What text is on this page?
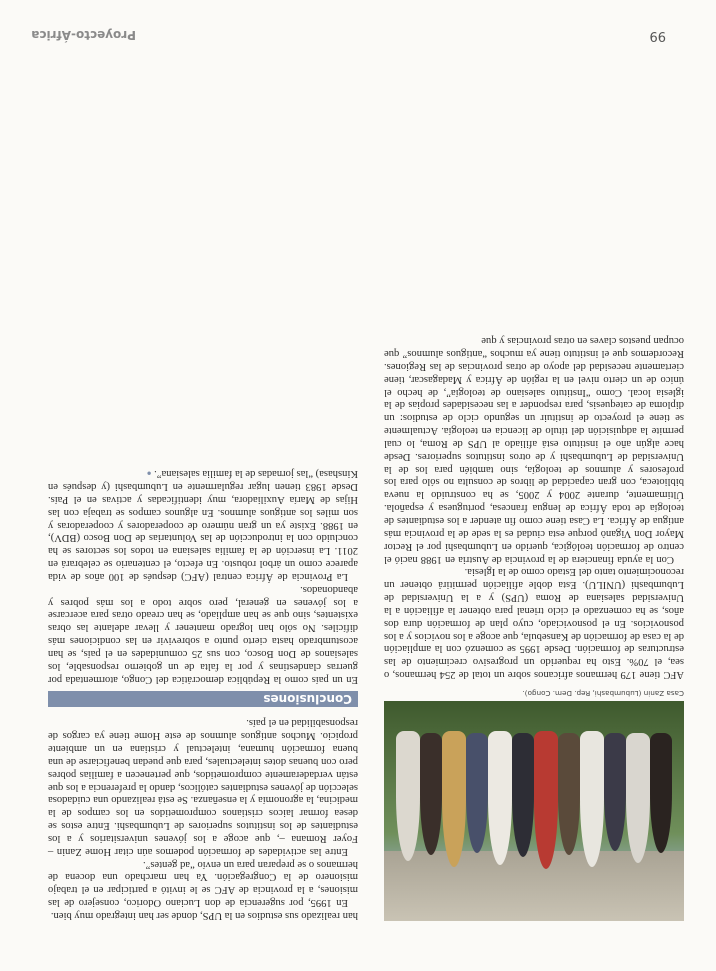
Casa Zanin (Lubumbashi, Rep. Dem. Congo).

AFC tiene 179 hermanos africanos sobre un total de 254 hermanos, o sea, el 70%. Esto ha requerido un progresivo crecimiento de las estructuras de formación. Desde 1995 se comenzó con la ampliación de la casa de formación de Kansebula, que acoge a los novicios y a los posnovicios. En el posnoviciado, cuyo plan de formación dura dos años, se ha comenzado el ciclo trienal para obtener la afiliación a la Universidad salesiana de Roma (UPS) y a la Universidad de Lubumbashi (UNILU). Esta doble afiliación permitirá obtener un reconocimiento tanto del Estado como de la Iglesia.

Con la ayuda financiera de la provincia de Austria en 1988 nació el centro de formación teológica, querido en Lubumbashi por el Rector Mayor Don Viganò porque esta ciudad es la sede de la provincia más antigua de África. La Casa tiene como fin atender a los estudiantes de teología de toda África de lengua francesa, portuguesa y española. Últimamente, durante 2004 y 2005, se ha construido la nueva biblioteca, con gran capacidad de libros de consulta no sólo para los profesores y alumnos de teología, sino también para los de la Universidad de Lubumbashi y de otros institutos superiores. Desde hace algún año el instituto está afiliado al UPS de Roma, lo cual permite la adquisición del título de licencia en teología. Actualmente se tiene el proyecto de instituir un segundo ciclo de estudios: un diploma de catequesis, para responder a las necesidades propias de la iglesia local. Como “Instituto salesiano de teología”, de hecho el único de un cierto nivel en la región de África y Madagascar, tiene ciertamente necesidad del apoyo de otras provincias de las Regiones. Recordemos que el instituto tiene ya muchos “antiguos alumnos” que ocupan puestos claves en otras provincias y que

han realizado sus estudios en la UPS, donde ser han integrado muy bien.

En 1995, por sugerencia de don Luciano Odorico, consejero de las misiones, a la provincia de AFC se le invitó a participar en el trabajo misionero de la Congregación. Ya han marchado una docena de hermanos o se preparan para un envío “ad gentes”.

Entre las actividades de formación podemos aún citar Home Zanin – Foyer Romana –, que acoge a los jóvenes universitarios y a los estudiantes de los institutos superiores de Lubumbashi. Entre estos se desea formar laicos cristianos comprometidos en los campos de la medicina, la agronomía y la enseñanza. Se está realizando una cuidadosa selección de jóvenes estudiantes católicos, dando la preferencia a los que están verdaderamente comprometidos, que pertenecen a familias pobres pero con buenas dotes intelectuales, para que puedan beneficiarse de una buena formación humana, intelectual y cristiana en un ambiente propicio. Muchos antiguos alumnos de este Home tiene ya cargos de responsabilidad en el país.

Conclusiones

En un país como la República democrática del Congo, atormentada por guerras clandestinas y por la falta de un gobierno responsable, los salesianos de Don Bosco, con sus 25 comunidades en el país, se han acostumbrado hasta cierto punto a sobrevivir en las condiciones más difíciles. No sólo han logrado mantener y llevar adelante las obras existentes, sino que se han ampliado, se han creado otras para acercarse a los jóvenes en general, pero sobre todo a los más pobres y abandonados.

La Provincia de África central (AFC) después de 100 años de vida aparece como un árbol robusto. En efecto, el centenario se celebrará en 2011. La inserción de la familia salesiana en todos los sectores se ha concluido con la introducción de las Voluntarias de Don Bosco (BDV), en 1988. Existe ya un gran número de cooperadores y cooperadoras y son miles los antiguos alumnos. En algunos campos se trabaja con las Hijas de María Auxiliadora, muy identificadas y activas en el País. Desde 1983 tienen lugar regularmente en Lubumbashi (y después en Kinshasa) “las jornadas de la familia salesiana”. ●

Proyecto-África	99
